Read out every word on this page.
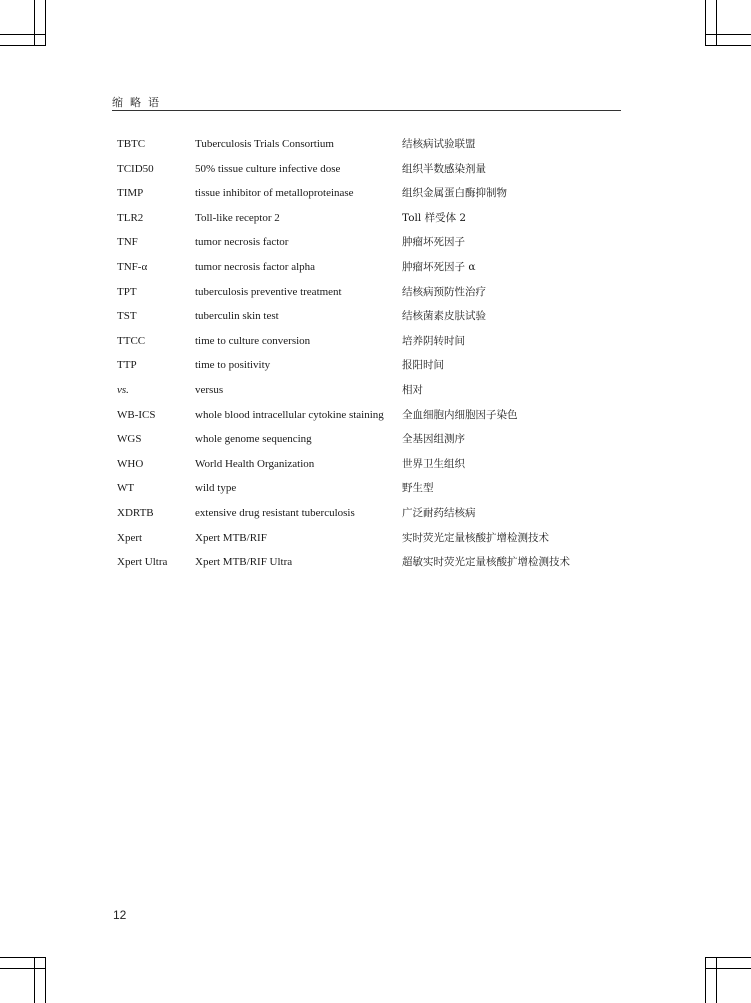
缩略语
TBTC	Tuberculosis Trials Consortium	结核病试验联盟
TCID50	50% tissue culture infective dose	组织半数感染剂量
TIMP	tissue inhibitor of metalloproteinase	组织金属蛋白酶抑制物
TLR2	Toll-like receptor 2	Toll 样受体 2
TNF	tumor necrosis factor	肿瘤坏死因子
TNF-α	tumor necrosis factor alpha	肿瘤坏死因子 α
TPT	tuberculosis preventive treatment	结核病预防性治疗
TST	tuberculin skin test	结核菌素皮肤试验
TTCC	time to culture conversion	培养阴转时间
TTP	time to positivity	报阳时间
vs.	versus	相对
WB-ICS	whole blood intracellular cytokine staining 全血细胞内细胞因子染色
WGS	whole genome sequencing	全基因组测序
WHO	World Health Organization	世界卫生组织
WT	wild type	野生型
XDRTB	extensive drug resistant tuberculosis	广泛耐药结核病
Xpert	Xpert MTB/RIF	实时荧光定量核酸扩增检测技术
Xpert Ultra	Xpert MTB/RIF Ultra	超敏实时荧光定量核酸扩增检测技术
12
